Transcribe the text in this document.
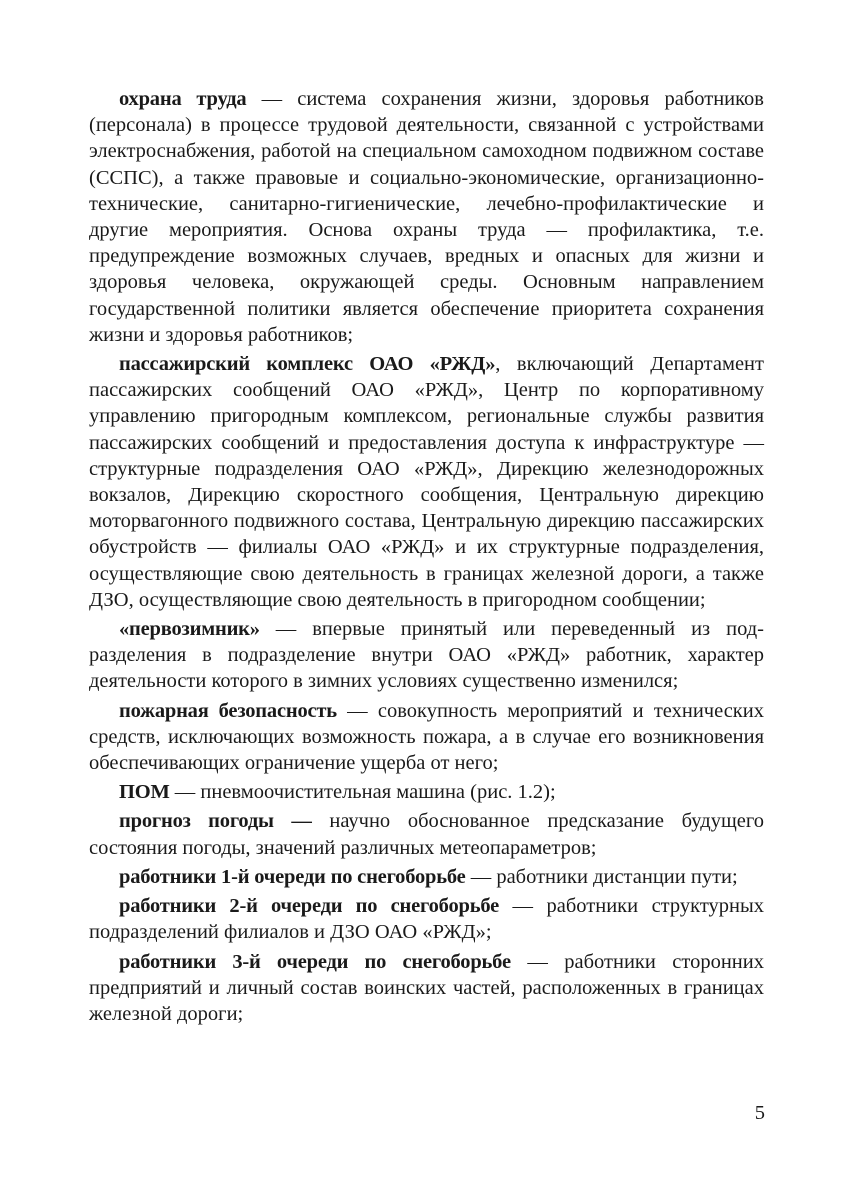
охрана труда — система сохранения жизни, здоровья работников (персонала) в процессе трудовой деятельности, связанной с устройствами электроснабжения, работой на специальном самоходном подвижном составе (ССПС), а также правовые и социально-экономические, организационно-технические, санитарно-гигиенические, лечебно-профилактические и другие мероприятия. Основа охраны труда — профилактика, т.е. предупреждение возможных случаев, вредных и опасных для жизни и здоровья человека, окружающей среды. Основным направлением государственной политики является обеспечение приоритета сохранения жизни и здоровья работников;

пассажирский комплекс ОАО «РЖД», включающий Департамент пассажирских сообщений ОАО «РЖД», Центр по корпоративному управлению пригородным комплексом, региональные службы развития пассажирских сообщений и предоставления доступа к инфраструктуре — структурные подразделения ОАО «РЖД», Дирекцию железнодорожных вокзалов, Дирекцию скоростного сообщения, Центральную дирекцию моторвагонного подвижного состава, Центральную дирекцию пассажирских обустройств — филиалы ОАО «РЖД» и их структурные подразделения, осуществляющие свою деятельность в границах железной дороги, а также ДЗО, осуществляющие свою деятельность в пригородном сообщении;

«первозимник» — впервые принятый или переведенный из подразделения в подразделение внутри ОАО «РЖД» работник, характер деятельности которого в зимних условиях существенно изменился;

пожарная безопасность — совокупность мероприятий и технических средств, исключающих возможность пожара, а в случае его возникновения обеспечивающих ограничение ущерба от него;

ПОМ — пневмоочистительная машина (рис. 1.2);

прогноз погоды — научно обоснованное предсказание будущего состояния погоды, значений различных метеопараметров;

работники 1-й очереди по снегоборьбе — работники дистанции пути;

работники 2-й очереди по снегоборьбе — работники структурных подразделений филиалов и ДЗО ОАО «РЖД»;

работники 3-й очереди по снегоборьбе — работники сторонних предприятий и личный состав воинских частей, расположенных в границах железной дороги;

5
